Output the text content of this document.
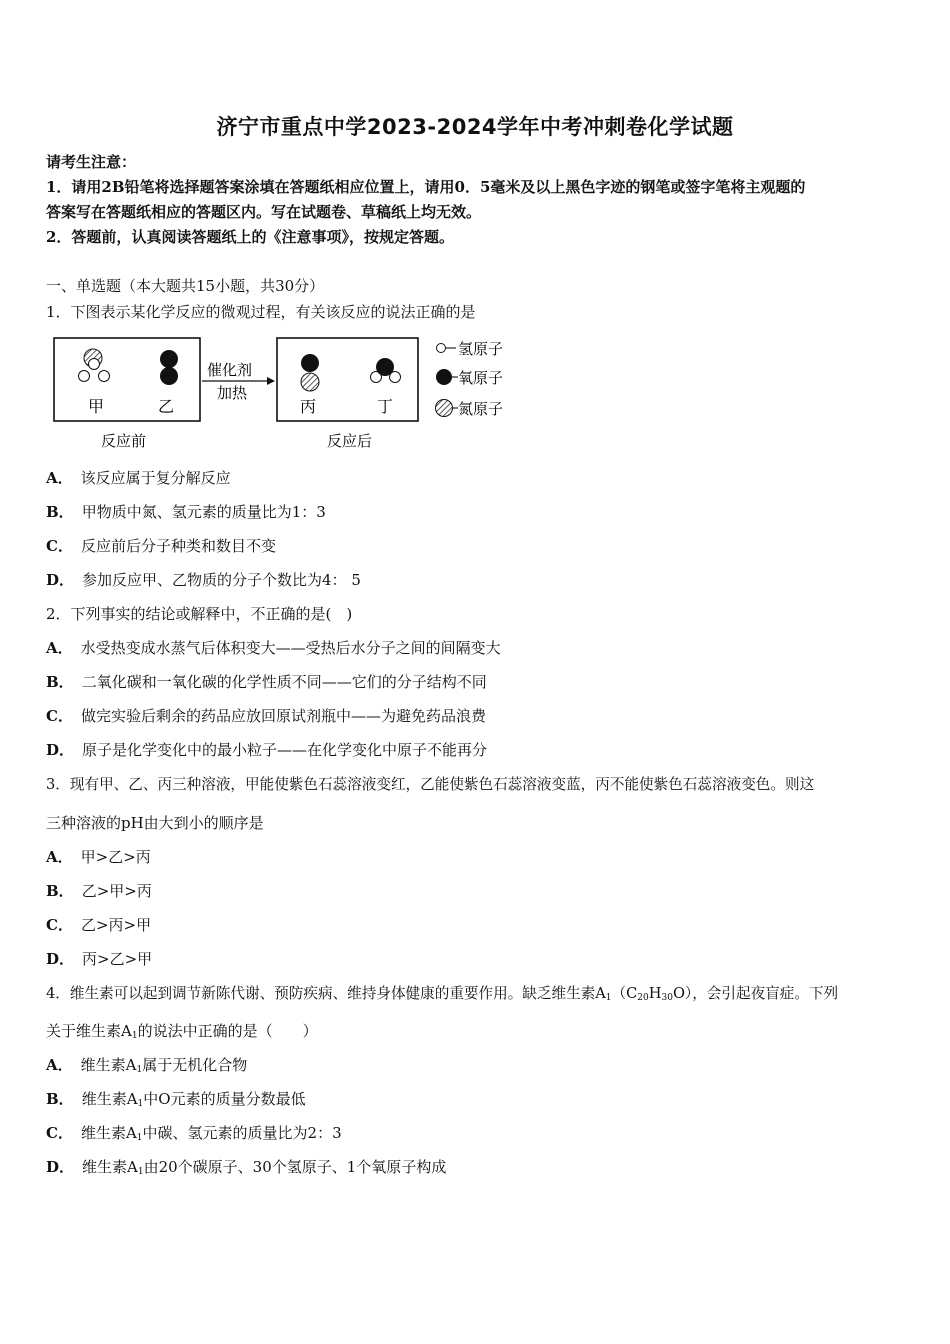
济宁市重点中学2023-2024学年中考冲刺卷化学试题
请考生注意：
1．请用2B铅笔将选择题答案涂填在答题纸相应位置上，请用0．5毫米及以上黑色字迹的钢笔或签字笔将主观题的
答案写在答题纸相应的答题区内。写在试题卷、草稿纸上均无效。
2．答题前，认真阅读答题纸上的《注意事项》，按规定答题。
一、单选题（本大题共15小题，共30分）
1．下图表示某化学反应的微观过程，有关该反应的说法正确的是
甲	乙
催化剂
加热
丙	丁
反应前	反应后
氢原子
氧原子
氮原子
A． 该反应属于复分解反应
B． 甲物质中氮、氢元素的质量比为1：3
C． 反应前后分子种类和数目不变
D． 参加反应甲、乙物质的分子个数比为4： 5
2．下列事实的结论或解释中，不正确的是(　)
A． 水受热变成水蒸气后体积变大——受热后水分子之间的间隔变大
B． 二氧化碳和一氧化碳的化学性质不同——它们的分子结构不同
C． 做完实验后剩余的药品应放回原试剂瓶中——为避免药品浪费
D． 原子是化学变化中的最小粒子——在化学变化中原子不能再分
3．现有甲、乙、丙三种溶液，甲能使紫色石蕊溶液变红，乙能使紫色石蕊溶液变蓝，丙不能使紫色石蕊溶液变色。则这
三种溶液的pH由大到小的顺序是
A． 甲>乙>丙
B． 乙>甲>丙
C． 乙>丙>甲
D． 丙>乙>甲
4．维生素可以起到调节新陈代谢、预防疾病、维持身体健康的重要作用。缺乏维生素$A_1(C_{20}H_{30}O)$，会引起夜盲症。下列
关于维生素$A_1$的说法中正确的是（　　）
A． 维生素$A_1$属于无机化合物
B． 维生素$A_1$中O元素的质量分数最低
C． 维生素$A_1$中碳、氢元素的质量比为2：3
D． 维生素$A_1$由20个碳原子、30个氢原子、1个氧原子构成
